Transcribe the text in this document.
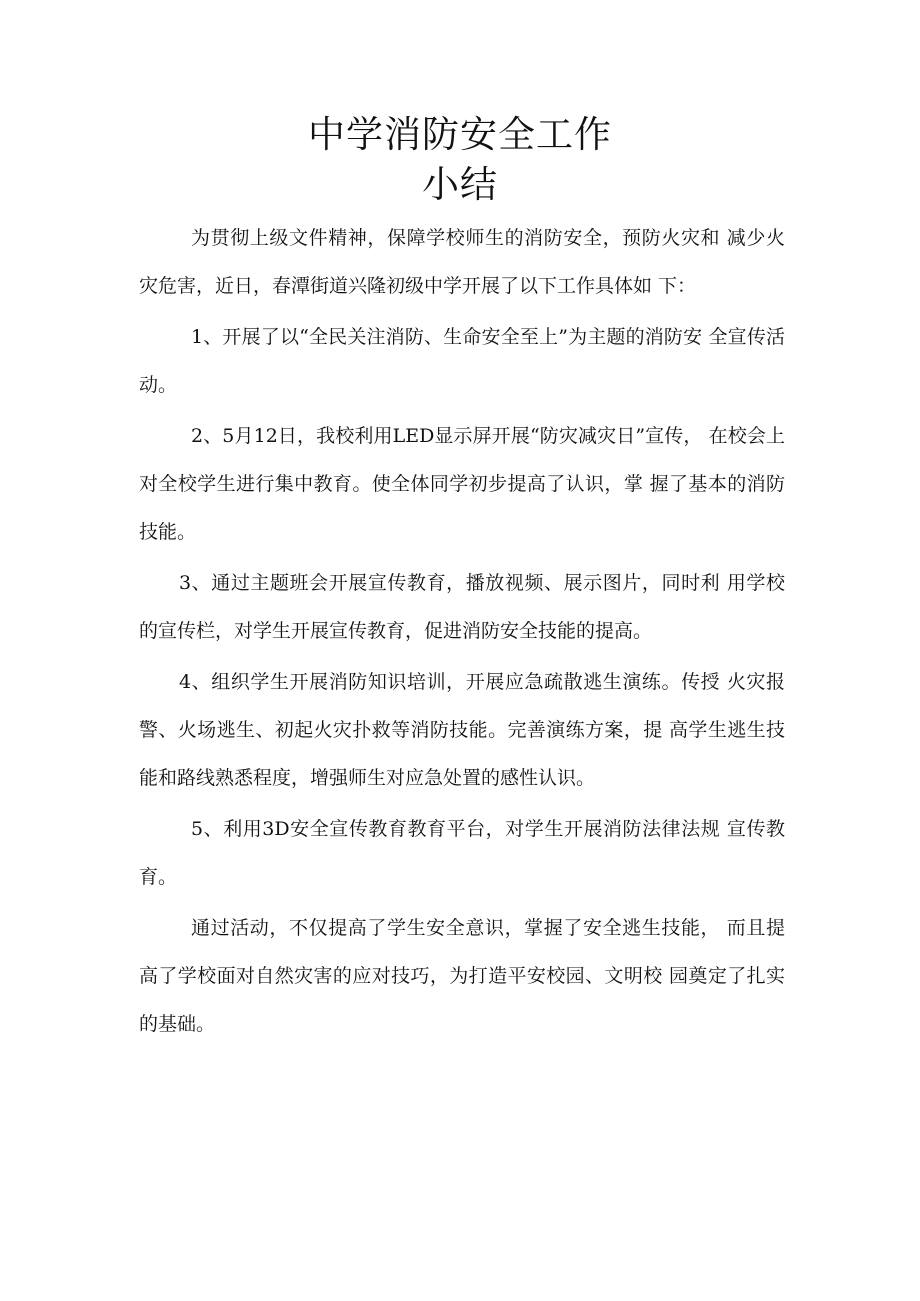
中学消防安全工作
小结

为贯彻上级文件精神，保障学校师生的消防安全，预防火灾和 减少火灾危害，近日，春潭街道兴隆初级中学开展了以下工作具体如 下：

1、开展了以“全民关注消防、生命安全至上”为主题的消防安 全宣传活动。

2、5月12日，我校利用LED显示屏开展“防灾减灾日”宣传， 在校会上对全校学生进行集中教育。使全体同学初步提高了认识，掌 握了基本的消防技能。

3、通过主题班会开展宣传教育，播放视频、展示图片，同时利 用学校的宣传栏，对学生开展宣传教育，促进消防安全技能的提高。

4、组织学生开展消防知识培训，开展应急疏散逃生演练。传授 火灾报警、火场逃生、初起火灾扑救等消防技能。完善演练方案，提 高学生逃生技能和路线熟悉程度，增强师生对应急处置的感性认识。

5、利用3D安全宣传教育教育平台，对学生开展消防法律法规 宣传教育。

通过活动，不仅提高了学生安全意识，掌握了安全逃生技能， 而且提高了学校面对自然灾害的应对技巧，为打造平安校园、文明校 园奠定了扎实的基础。
